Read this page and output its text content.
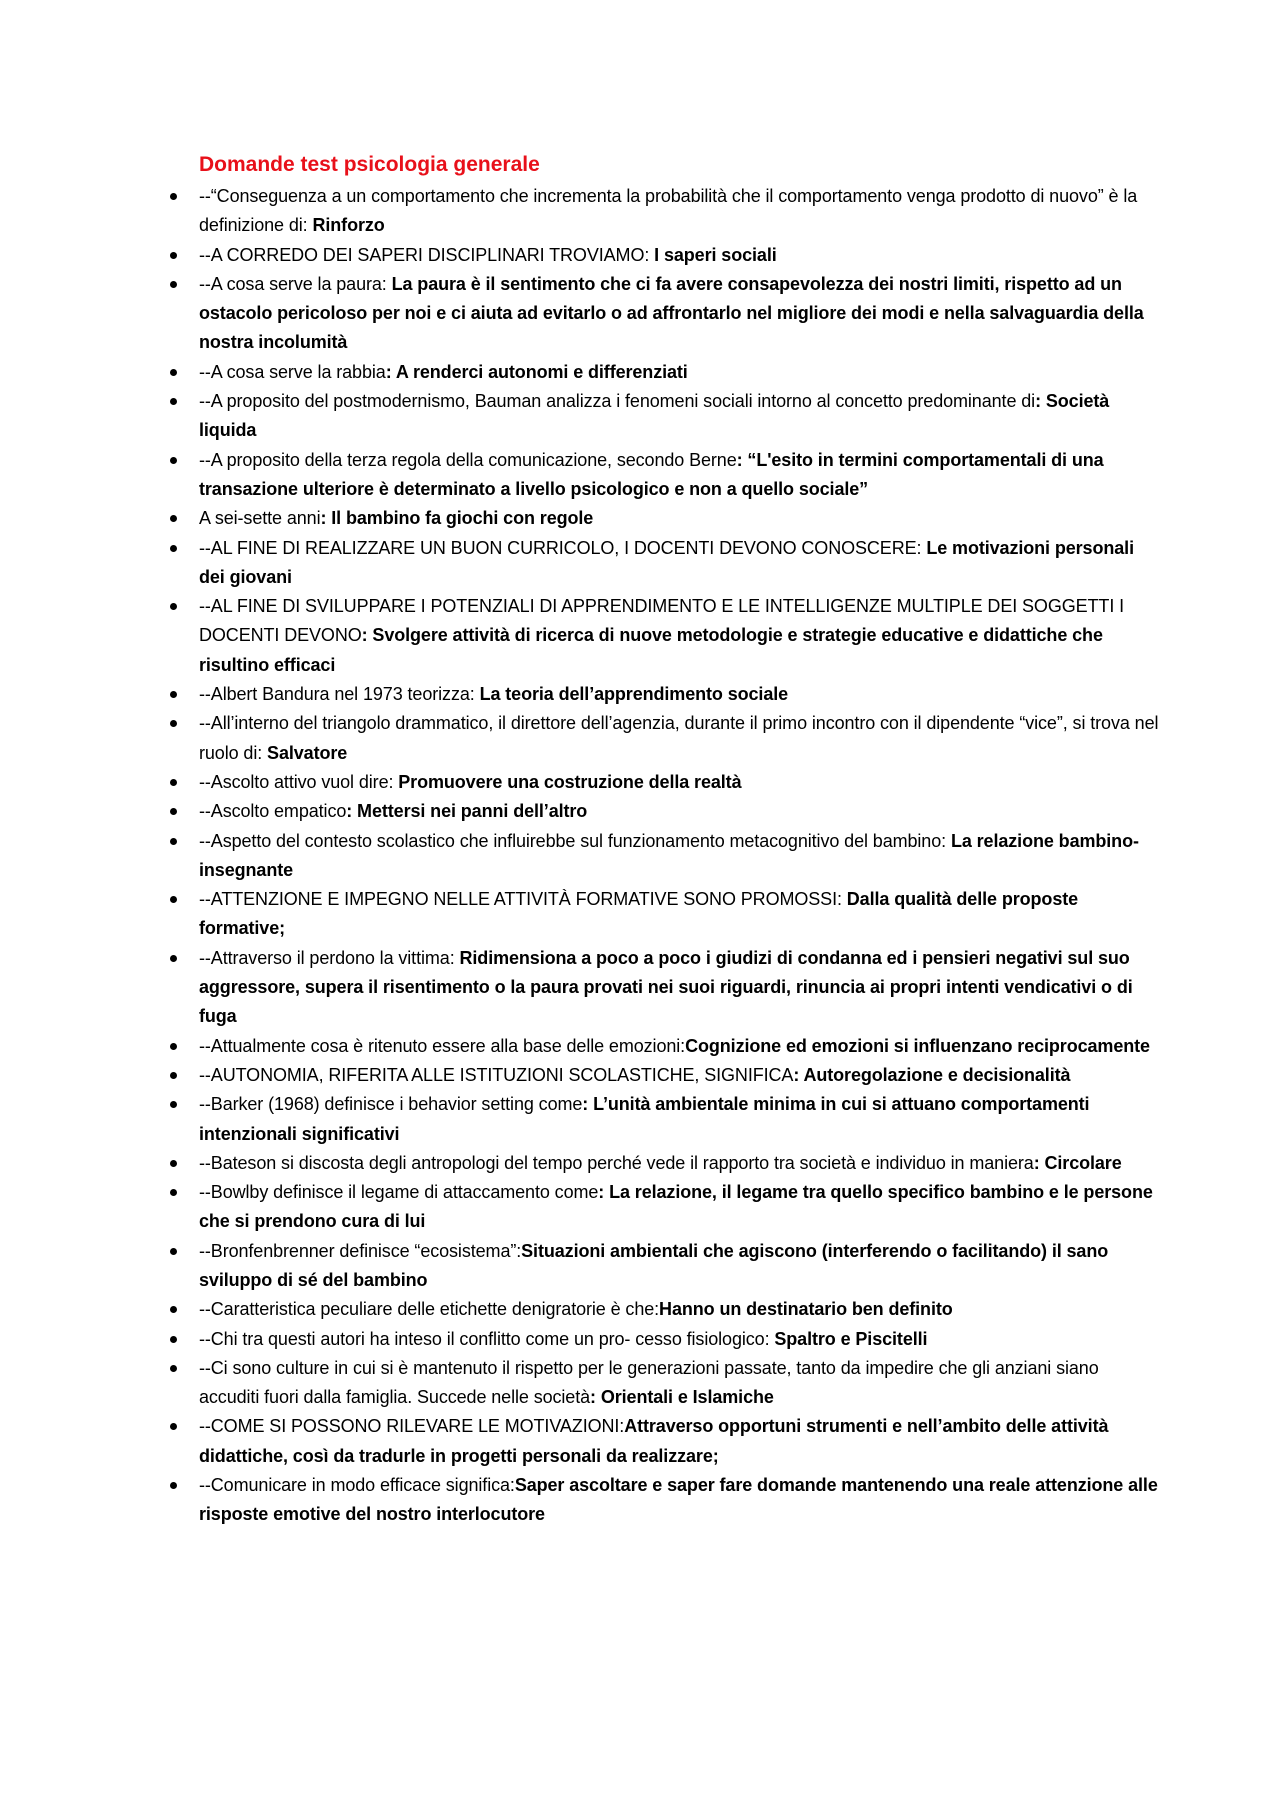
Domande test psicologia generale
--“Conseguenza a un comportamento che incrementa la probabilità che il comportamento venga prodotto di nuovo” è la definizione di: Rinforzo
--A CORREDO DEI SAPERI DISCIPLINARI TROVIAMO: I saperi sociali
--A cosa serve la paura: La paura è il sentimento che ci fa avere consapevolezza dei nostri limiti, rispetto ad un ostacolo pericoloso per noi e ci aiuta ad evitarlo o ad affrontarlo nel migliore dei modi e nella salvaguardia della nostra incolumità
--A cosa serve la rabbia: A renderci autonomi e differenziati
--A proposito del postmodernismo, Bauman analizza i fenomeni sociali intorno al concetto predominante di: Società liquida
--A proposito della terza regola della comunicazione, secondo Berne: “L'esito in termini comportamentali di una transazione ulteriore è determinato a livello psicologico e non a quello sociale”
A sei-sette anni: Il bambino fa giochi con regole
--AL FINE DI REALIZZARE UN BUON CURRICOLO, I DOCENTI DEVONO CONOSCERE: Le motivazioni personali dei giovani
--AL FINE DI SVILUPPARE I POTENZIALI DI APPRENDIMENTO E LE INTELLIGENZE MULTIPLE DEI SOGGETTI I DOCENTI DEVONO: Svolgere attività di ricerca di nuove metodologie e strategie educative e didattiche che risultino efficaci
--Albert Bandura nel 1973 teorizza: La teoria dell’apprendimento sociale
--All’interno del triangolo drammatico, il direttore dell’agenzia, durante il primo incontro con il dipendente “vice”, si trova nel ruolo di: Salvatore
--Ascolto attivo vuol dire: Promuovere una costruzione della realtà
--Ascolto empatico: Mettersi nei panni dell’altro
--Aspetto del contesto scolastico che influirebbe sul funzionamento metacognitivo del bambino: La relazione bambino-insegnante
--ATTENZIONE E IMPEGNO NELLE ATTIVITÀ FORMATIVE SONO PROMOSSI: Dalla qualità delle proposte formative;
--Attraverso il perdono la vittima: Ridimensiona a poco a poco i giudizi di condanna ed i pensieri negativi sul suo aggressore, supera il risentimento o la paura provati nei suoi riguardi, rinuncia ai propri intenti vendicativi o di fuga
--Attualmente cosa è ritenuto essere alla base delle emozioni:Cognizione ed emozioni si influenzano reciprocamente
--AUTONOMIA, RIFERITA ALLE ISTITUZIONI SCOLASTICHE, SIGNIFICA: Autoregolazione e decisionalità
--Barker (1968) definisce i behavior setting come: L’unità ambientale minima in cui si attuano comportamenti intenzionali significativi
--Bateson si discosta degli antropologi del tempo perché vede il rapporto tra società e individuo in maniera: Circolare
--Bowlby definisce il legame di attaccamento come: La relazione, il legame tra quello specifico bambino e le persone che si prendono cura di lui
--Bronfenbrenner definisce “ecosistema”:Situazioni ambientali che agiscono (interferendo o facilitando) il sano sviluppo di sé del bambino
--Caratteristica peculiare delle etichette denigratorie è che:Hanno un destinatario ben definito
--Chi tra questi autori ha inteso il conflitto come un pro- cesso fisiologico: Spaltro e Piscitelli
--Ci sono culture in cui si è mantenuto il rispetto per le generazioni passate, tanto da impedire che gli anziani siano accuditi fuori dalla famiglia. Succede nelle società: Orientali e Islamiche
--COME SI POSSONO RILEVARE LE MOTIVAZIONI:Attraverso opportuni strumenti e nell’ambito delle attività didattiche, così da tradurle in progetti personali da realizzare;
--Comunicare in modo efficace significa:Saper ascoltare e saper fare domande mantenendo una reale attenzione alle risposte emotive del nostro interlocutore
